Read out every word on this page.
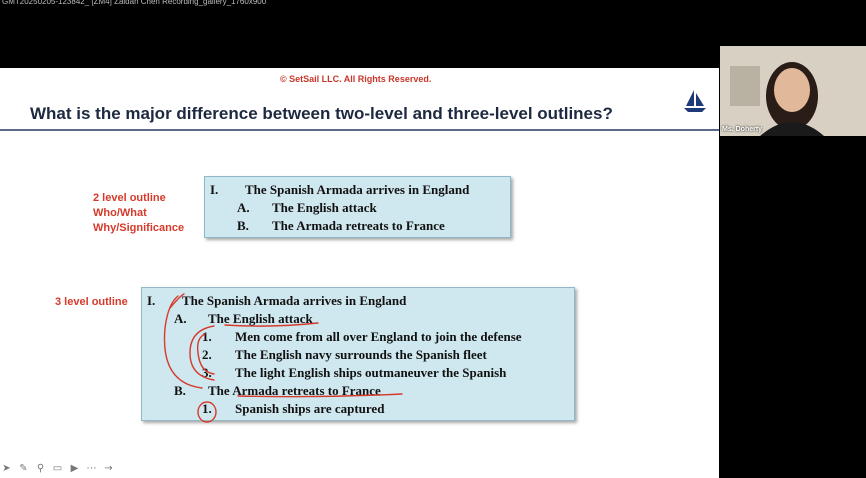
GMT20250205-123842_ [ZM4] Zaidan Chen Recording_gallery_1760x900
© SetSail LLC. All Rights Reserved.
What is the major difference between two-level and three-level outlines?
2 level outline
Who/What
Why/Significance
I. The Spanish Armada arrives in England
A. The English attack
B. The Armada retreats to France
3 level outline I. The Spanish Armada arrives in England
A. The English attack
1. Men come from all over England to join the defense
2. The English navy surrounds the Spanish fleet
3. The light English ships outmaneuver the Spanish
B. The Armada retreats to France
1. Spanish ships are captured
➤ ✎ ⚲ ▭ ▶ ⋯ →
Ms. Doherty
